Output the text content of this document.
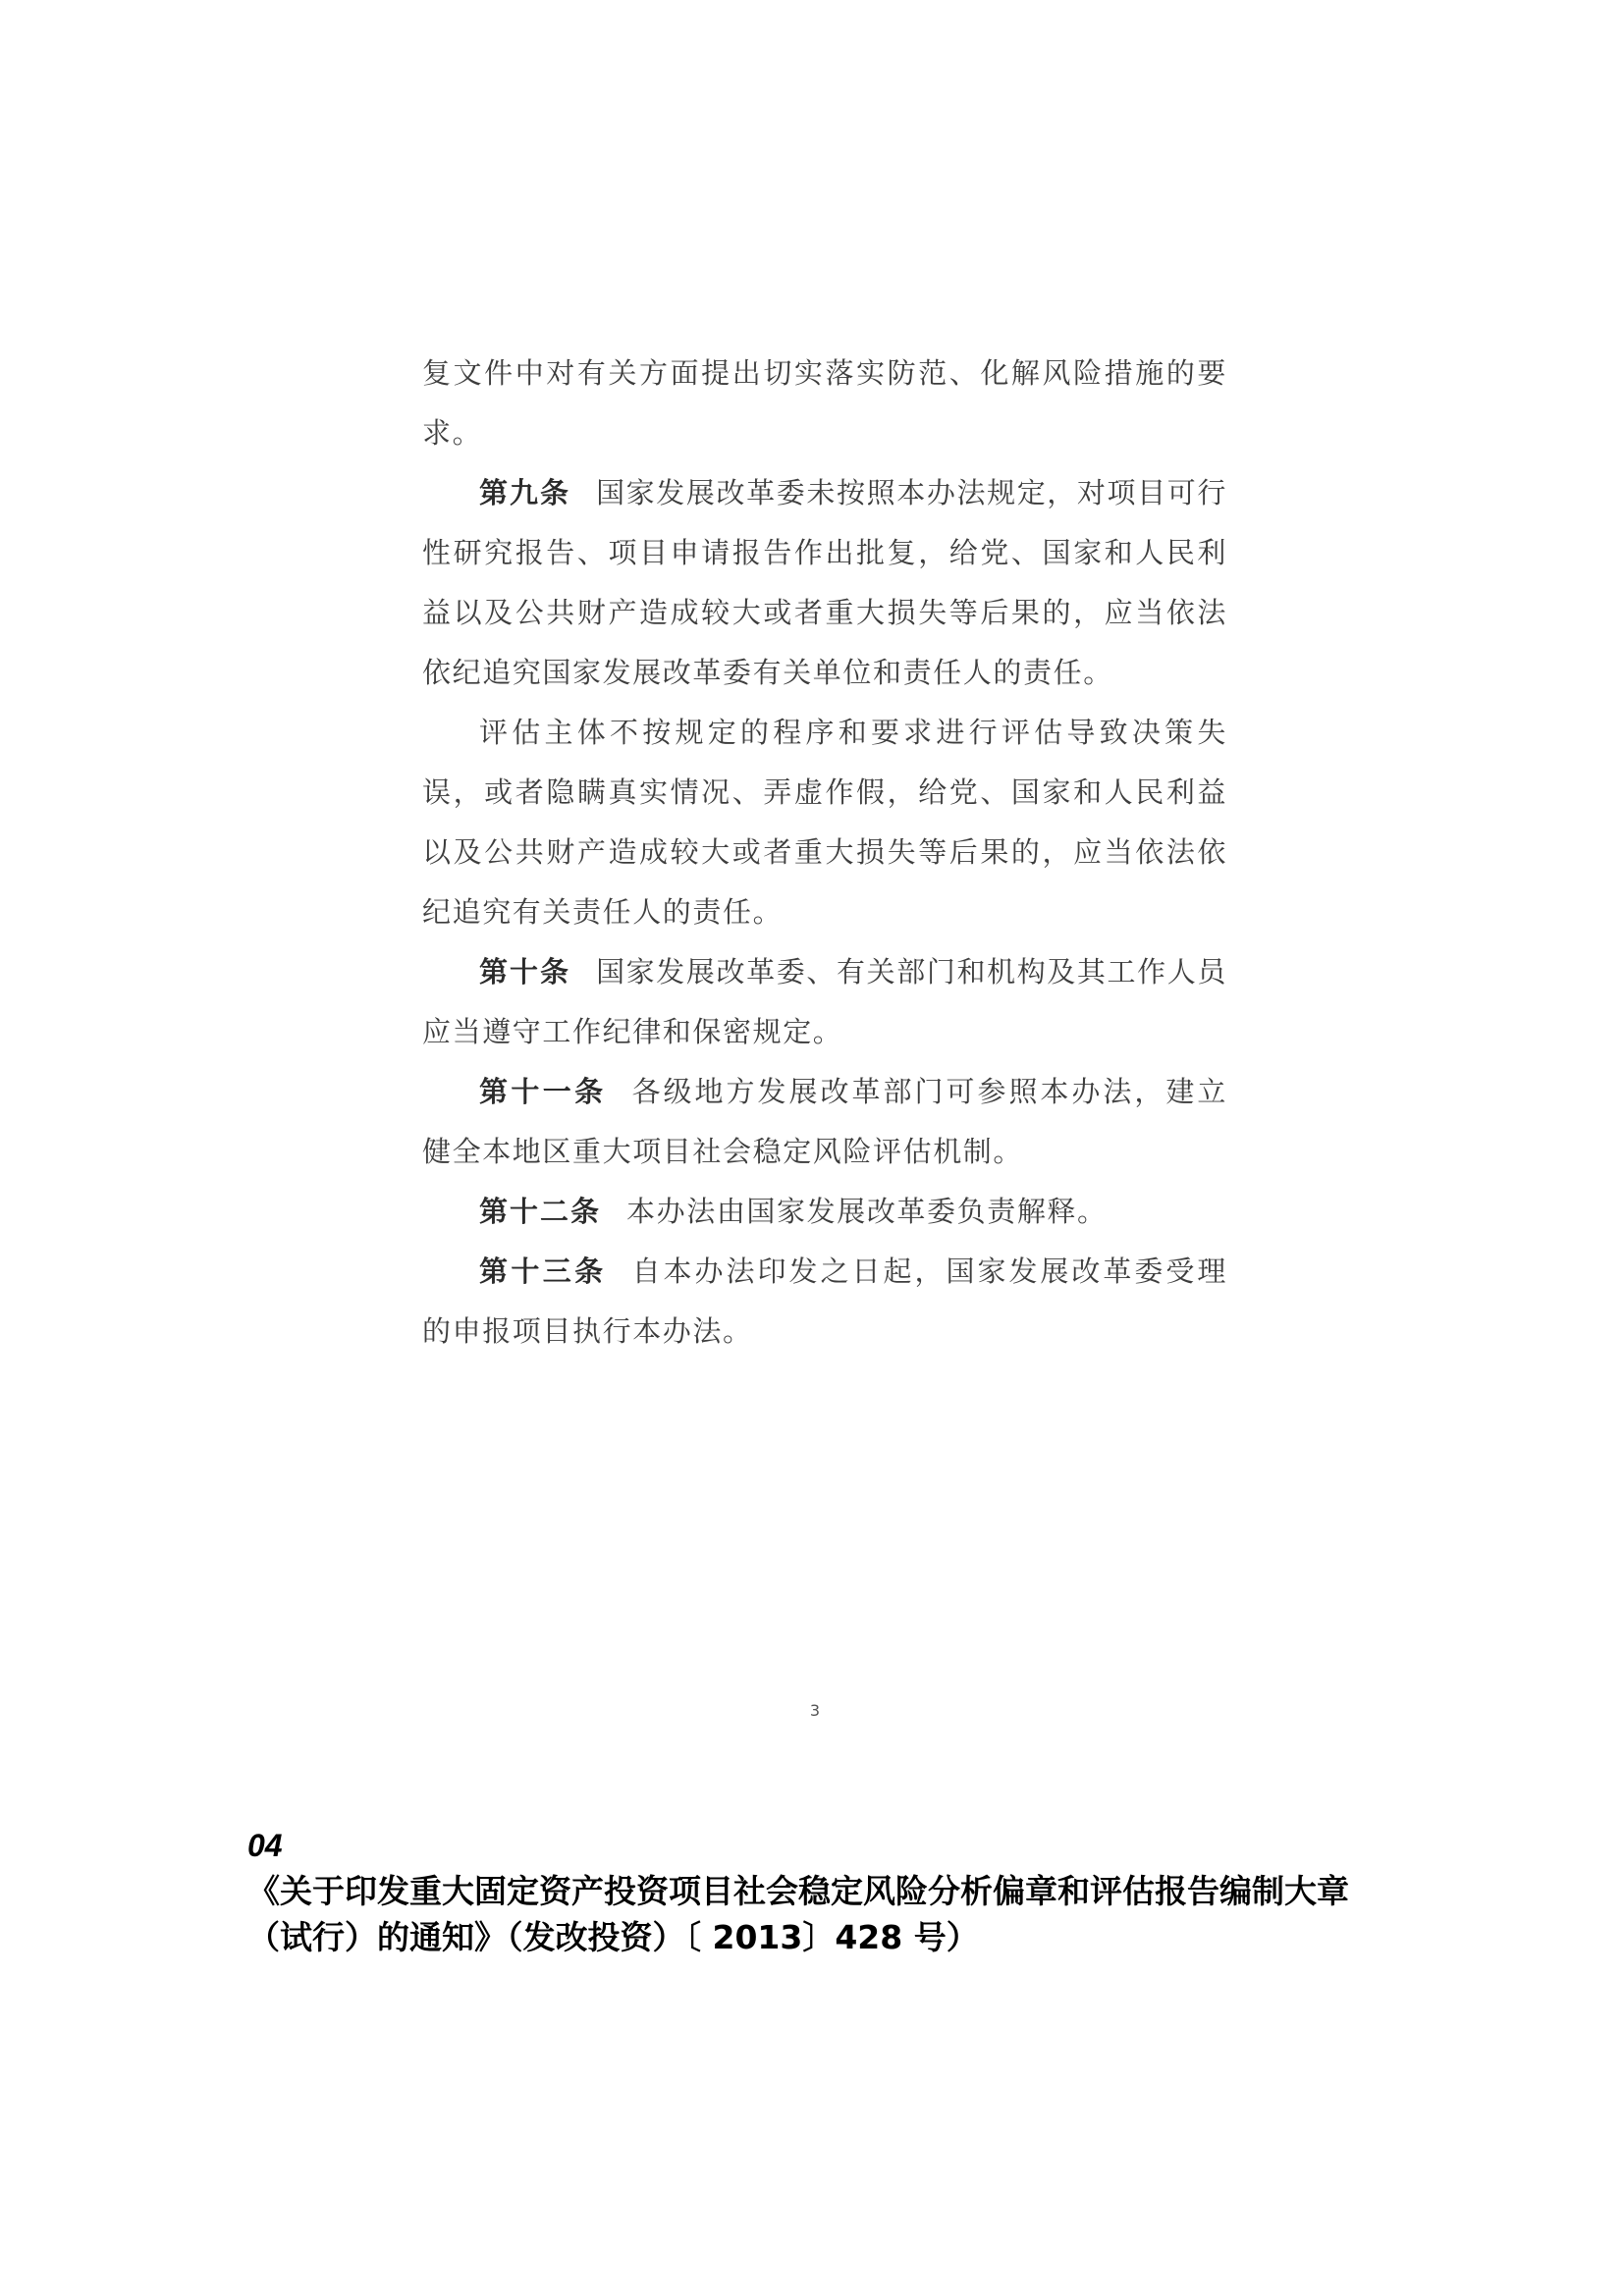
复文件中对有关方面提出切实落实防范、化解风险措施的要求。

第九条 国家发展改革委未按照本办法规定，对项目可行性研究报告、项目申请报告作出批复，给党、国家和人民利益以及公共财产造成较大或者重大损失等后果的，应当依法依纪追究国家发展改革委有关单位和责任人的责任。

评估主体不按规定的程序和要求进行评估导致决策失误，或者隐瞒真实情况、弄虚作假，给党、国家和人民利益以及公共财产造成较大或者重大损失等后果的，应当依法依纪追究有关责任人的责任。

第十条 国家发展改革委、有关部门和机构及其工作人员应当遵守工作纪律和保密规定。

第十一条 各级地方发展改革部门可参照本办法，建立健全本地区重大项目社会稳定风险评估机制。

第十二条 本办法由国家发展改革委负责解释。

第十三条 自本办法印发之日起，国家发展改革委受理的申报项目执行本办法。

3
04

《关于印发重大固定资产投资项目社会稳定风险分析偏章和评估报告编制大章（试行）的通知》（发改投资）〔 2013〕428 号）
